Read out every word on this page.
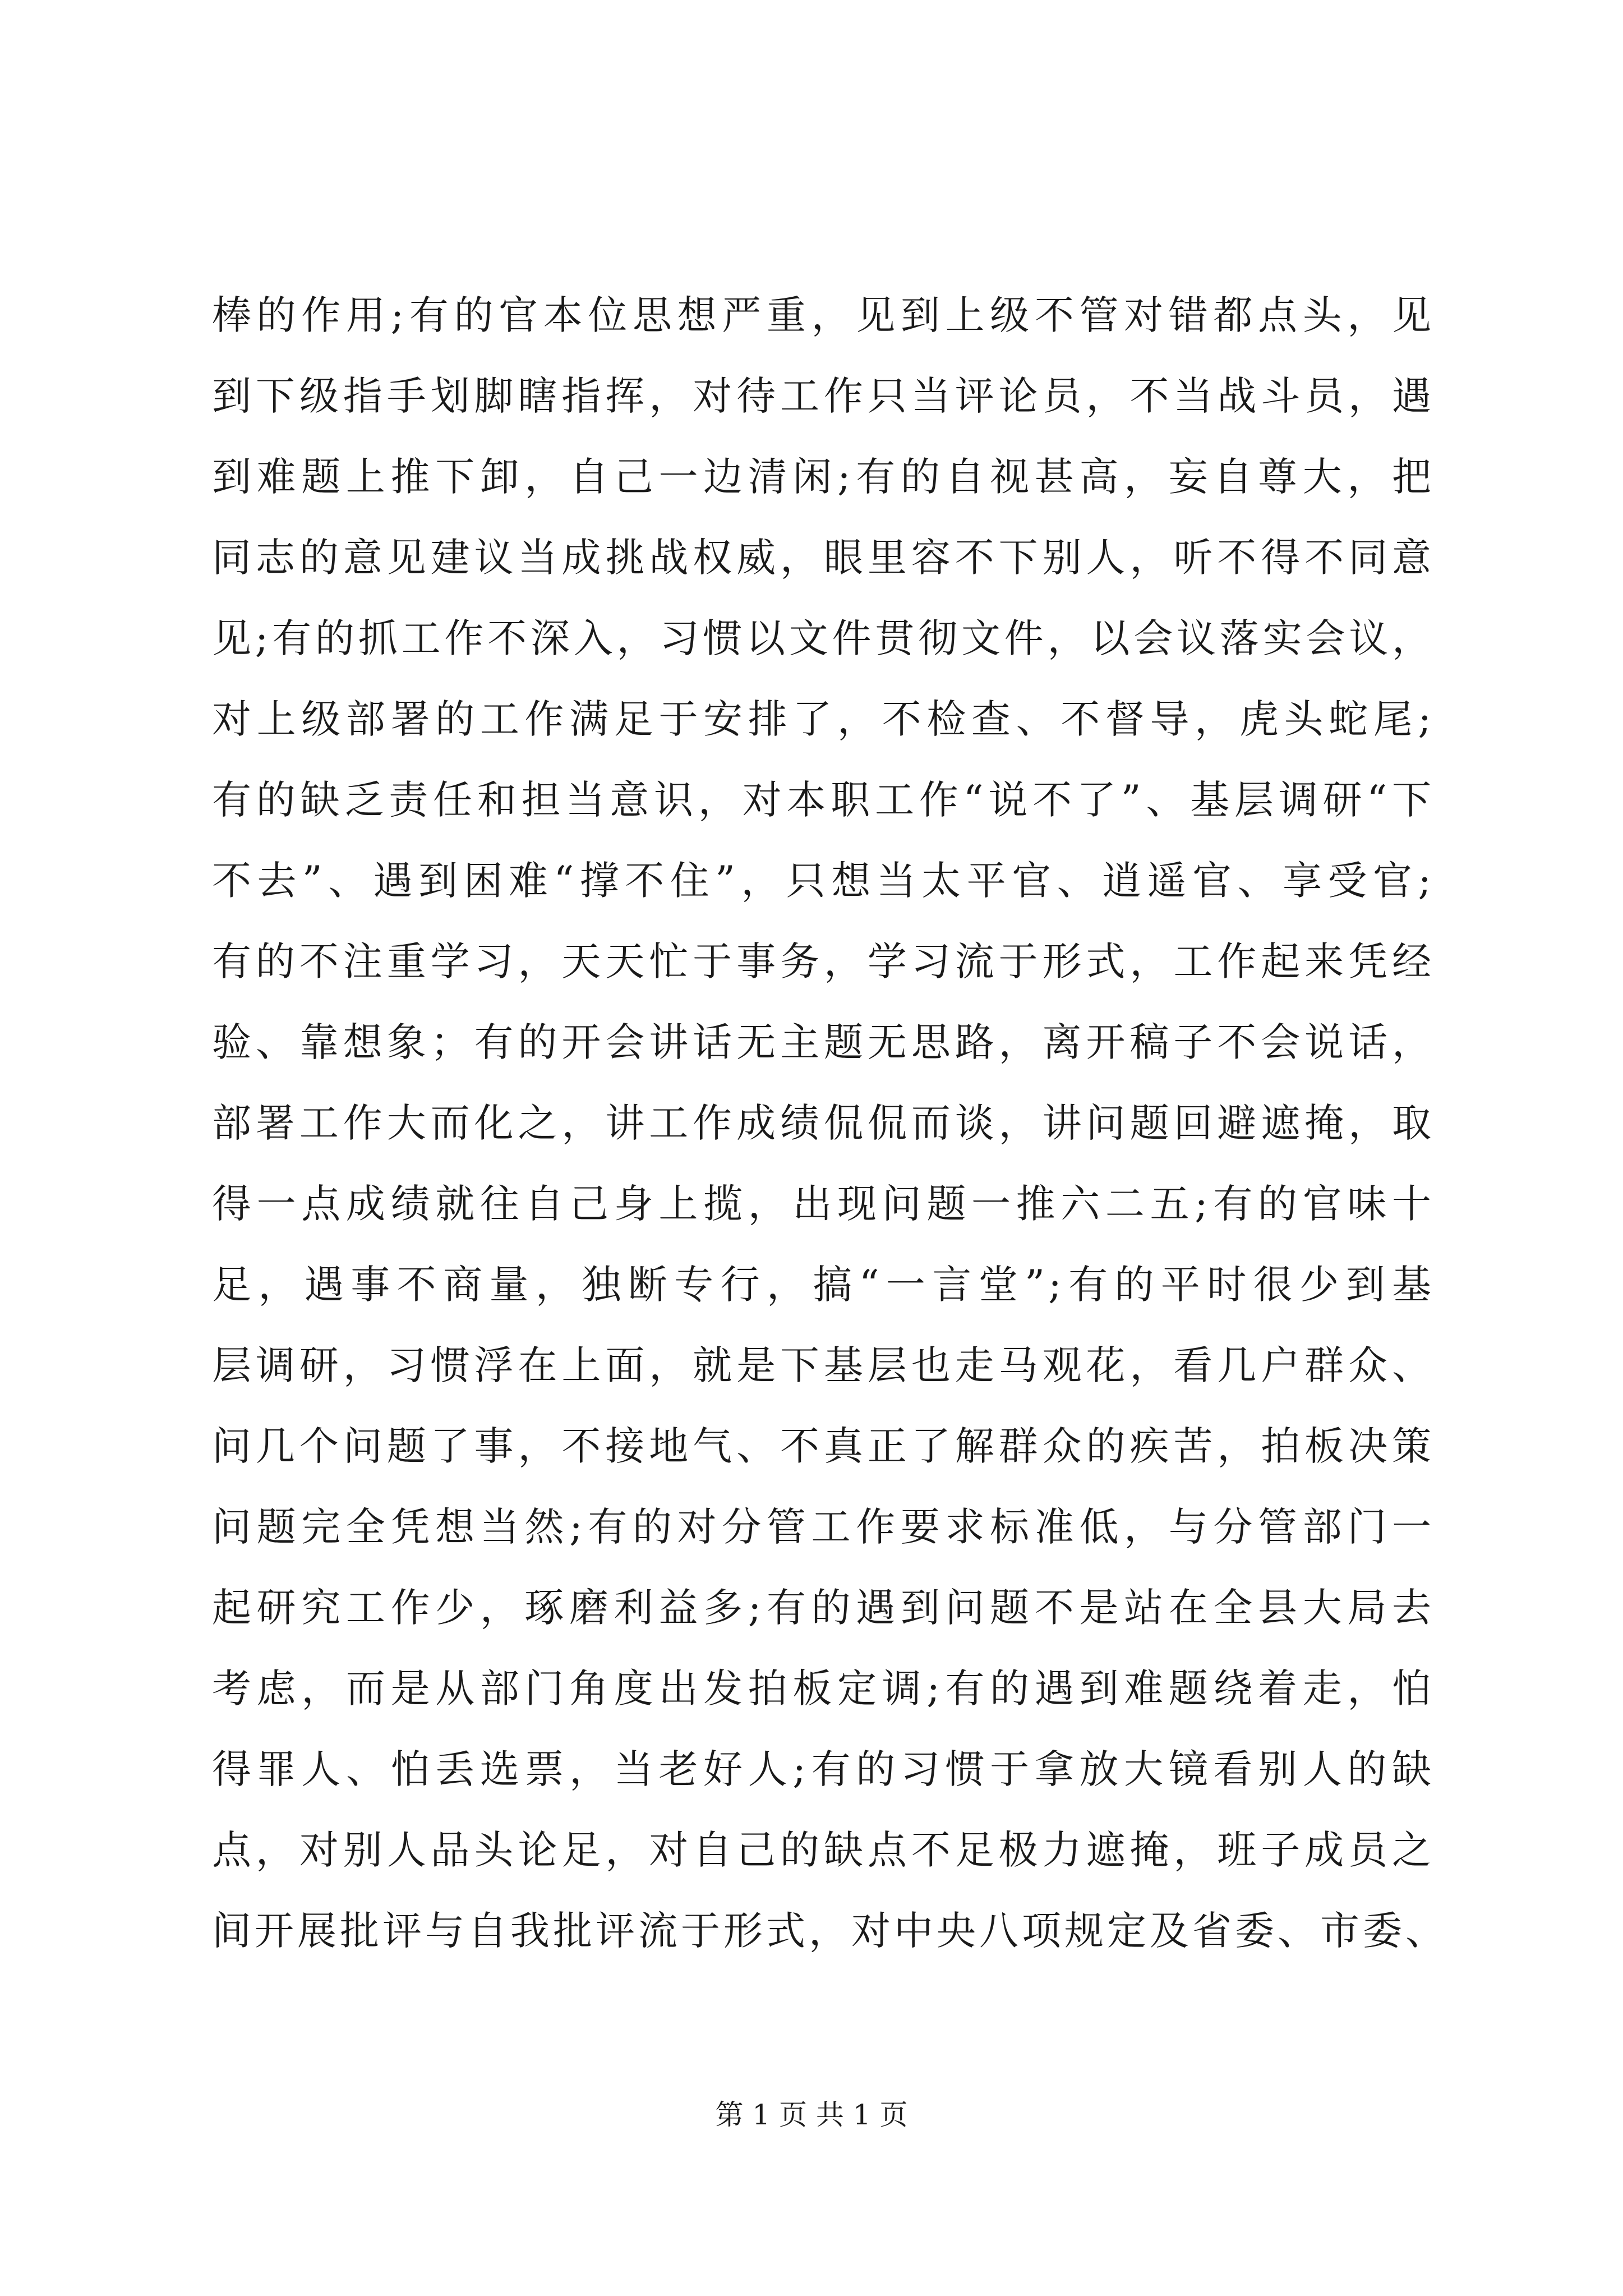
棒的作用;有的官本位思想严重，见到上级不管对错都点头，见
到下级指手划脚瞎指挥，对待工作只当评论员，不当战斗员，遇
到难题上推下卸，自己一边清闲;有的自视甚高，妄自尊大，把
同志的意见建议当成挑战权威，眼里容不下别人，听不得不同意
见;有的抓工作不深入，习惯以文件贯彻文件，以会议落实会议，
对上级部署的工作满足于安排了，不检查、不督导，虎头蛇尾;
有的缺乏责任和担当意识，对本职工作“说不了”、基层调研“下
不去”、遇到困难“撑不住”，只想当太平官、逍遥官、享受官;
有的不注重学习，天天忙于事务，学习流于形式，工作起来凭经
验、靠想象；有的开会讲话无主题无思路，离开稿子不会说话，
部署工作大而化之，讲工作成绩侃侃而谈，讲问题回避遮掩，取
得一点成绩就往自己身上揽，出现问题一推六二五;有的官味十
足，遇事不商量，独断专行，搞“一言堂”;有的平时很少到基
层调研，习惯浮在上面，就是下基层也走马观花，看几户群众、
问几个问题了事，不接地气、不真正了解群众的疾苦，拍板决策
问题完全凭想当然;有的对分管工作要求标准低，与分管部门一
起研究工作少，琢磨利益多;有的遇到问题不是站在全县大局去
考虑，而是从部门角度出发拍板定调;有的遇到难题绕着走，怕
得罪人、怕丢选票，当老好人;有的习惯于拿放大镜看别人的缺
点，对别人品头论足，对自己的缺点不足极力遮掩，班子成员之
间开展批评与自我批评流于形式，对中央八项规定及省委、市委、
第 1 页 共 1 页
